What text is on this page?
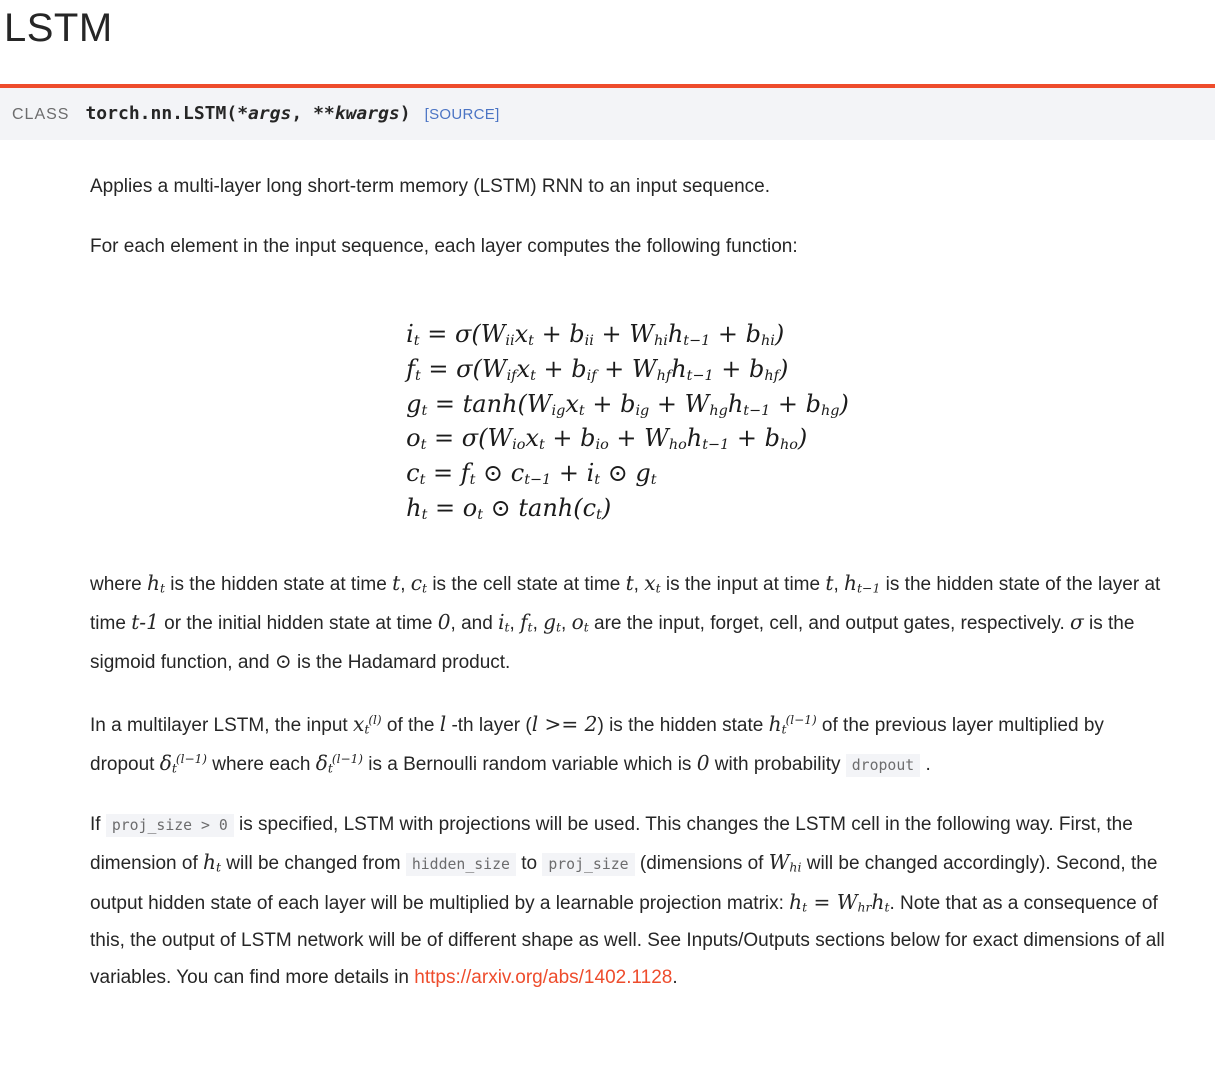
LSTM
CLASS torch.nn.LSTM (*args, **kwargs) [SOURCE]

Applies a multi-layer long short-term memory (LSTM) RNN to an input sequence.

For each element in the input sequence, each layer computes the following function:

$i_t = \sigma(W_{ii}x_t + b_{ii} + W_{hi}h_{t-1} + b_{hi})$
$f_t = \sigma(W_{if}x_t + b_{if} + W_{hf}h_{t-1} + b_{hf})$
$g_t = \tanh(W_{ig}x_t + b_{ig} + W_{hg}h_{t-1} + b_{hg})$
$o_t = \sigma(W_{io}x_t + b_{io} + W_{ho}h_{t-1} + b_{ho})$
$c_t = f_t$ ⊙ $c_{t-1} + i_t$ ⊙ $g_t$
$h_t = o_t$ ⊙ $\tanh(c_t)$

where $h_t$ is the hidden state at time t, $c_t$ is the cell state at time t, $x_t$ is the input at time t, $h_{t-1}$ is the hidden state of the layer at time t-1 or the initial hidden state at time 0, and $i_t$, $f_t$, $g_t$, $o_t$ are the input, forget, cell, and output gates, respectively. σ is the sigmoid function, and ⊙ is the Hadamard product.

In a multilayer LSTM, the input $x_t^{(l)}$ of the l -th layer (l >= 2) is the hidden state $h_t^{(l-1)}$ of the previous layer multiplied by dropout $\delta_t^{(l-1)}$ where each $\delta_t^{(l-1)}$ is a Bernoulli random variable which is 0 with probability dropout .

If proj_size > 0 is specified, LSTM with projections will be used. This changes the LSTM cell in the following way. First, the dimension of $h_t$ will be changed from hidden_size to proj_size (dimensions of $W_{hi}$ will be changed accordingly). Second, the output hidden state of each layer will be multiplied by a learnable projection matrix: $h_t = W_{hr}h_t$. Note that as a consequence of this, the output of LSTM network will be of different shape as well. See Inputs/Outputs sections below for exact dimensions of all variables. You can find more details in https://arxiv.org/abs/1402.1128.
